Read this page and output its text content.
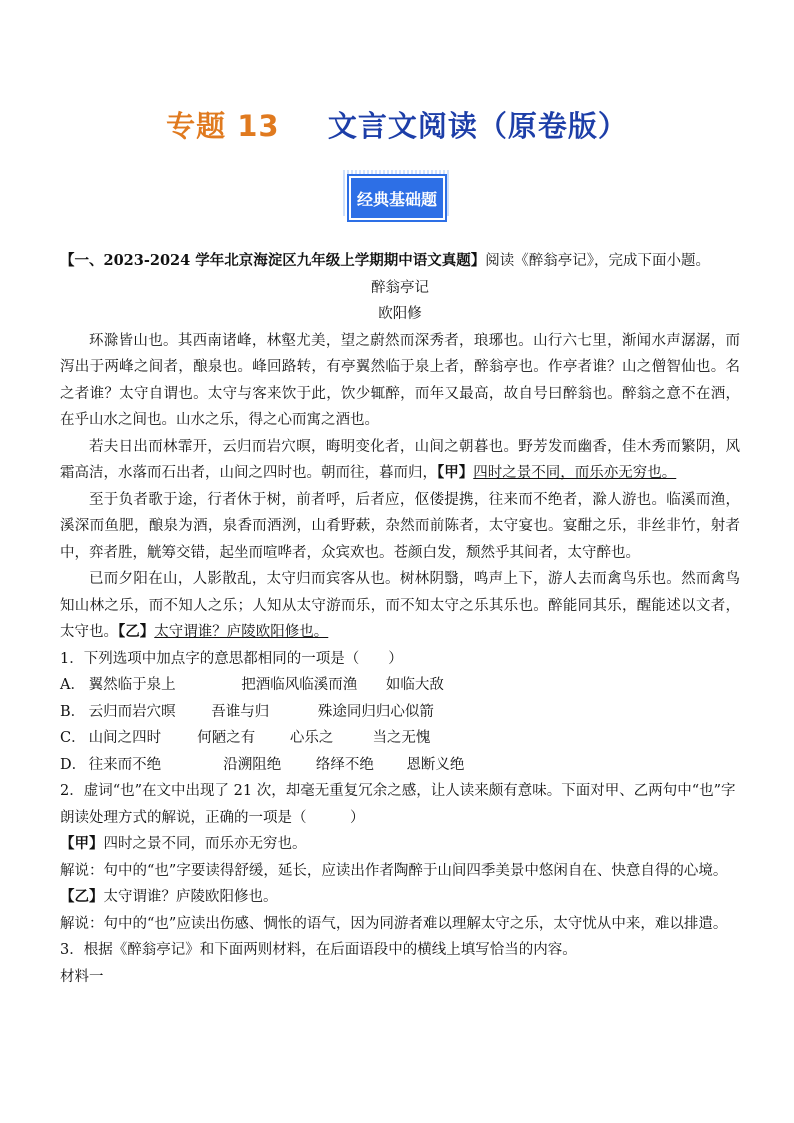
专题 13 文言文阅读（原卷版）
经典基础题

【一、2023-2024 学年北京海淀区九年级上学期期中语文真题】阅读《醉翁亭记》，完成下面小题。

醉翁亭记

欧阳修

环滁皆山也。其西南诸峰，林壑尤美，望之蔚然而深秀者，琅琊也。山行六七里，渐闻水声潺潺，而泻出于两峰之间者，酿泉也。峰回路转，有亭翼然临于泉上者，醉翁亭也。作亭者谁？山之僧智仙也。名之者谁？太守自谓也。太守与客来饮于此，饮少辄醉，而年又最高，故自号曰醉翁也。醉翁之意不在酒，在乎山水之间也。山水之乐，得之心而寓之酒也。

若夫日出而林霏开，云归而岩穴暝，晦明变化者，山间之朝暮也。野芳发而幽香，佳木秀而繁阴，风霜高洁，水落而石出者，山间之四时也。朝而往，暮而归，【甲】四时之景不同，而乐亦无穷也。

至于负者歌于途，行者休于树，前者呼，后者应，伛偻提携，往来而不绝者，滁人游也。临溪而渔，溪深而鱼肥，酿泉为酒，泉香而酒洌，山肴野蔌，杂然而前陈者，太守宴也。宴酣之乐，非丝非竹，射者中，弈者胜，觥筹交错，起坐而喧哗者，众宾欢也。苍颜白发，颓然乎其间者，太守醉也。

已而夕阳在山，人影散乱，太守归而宾客从也。树林阴翳，鸣声上下，游人去而禽鸟乐也。然而禽鸟知山林之乐，而不知人之乐；人知从太守游而乐，而不知太守之乐其乐也。醉能同其乐，醒能述以文者，太守也。【乙】太守谓谁？庐陵欧阳修也。

1．下列选项中加点字的意思都相同的一项是（　　）

A． 翼然临于泉上	把酒临风临溪而渔 如临大敌

B． 云归而岩穴暝 吾谁与归	殊途同归归心似箭

C． 山间之四时 何陋之有 心乐之	当之无愧

D． 往来而不绝	沿溯阻绝 络绎不绝 恩断义绝

2．虚词“也”在文中出现了 21 次，却毫无重复冗余之感，让人读来颇有意味。下面对甲、乙两句中“也”字朗读处理方式的解说，正确的一项是（　　　）

【甲】四时之景不同，而乐亦无穷也。

解说：句中的“也”字要读得舒缓，延长，应读出作者陶醉于山间四季美景中悠闲自在、快意自得的心境。

【乙】太守谓谁？庐陵欧阳修也。

解说：句中的“也”应读出伤感、惆怅的语气，因为同游者难以理解太守之乐，太守忧从中来，难以排遣。

3．根据《醉翁亭记》和下面两则材料，在后面语段中的横线上填写恰当的内容。

材料一
